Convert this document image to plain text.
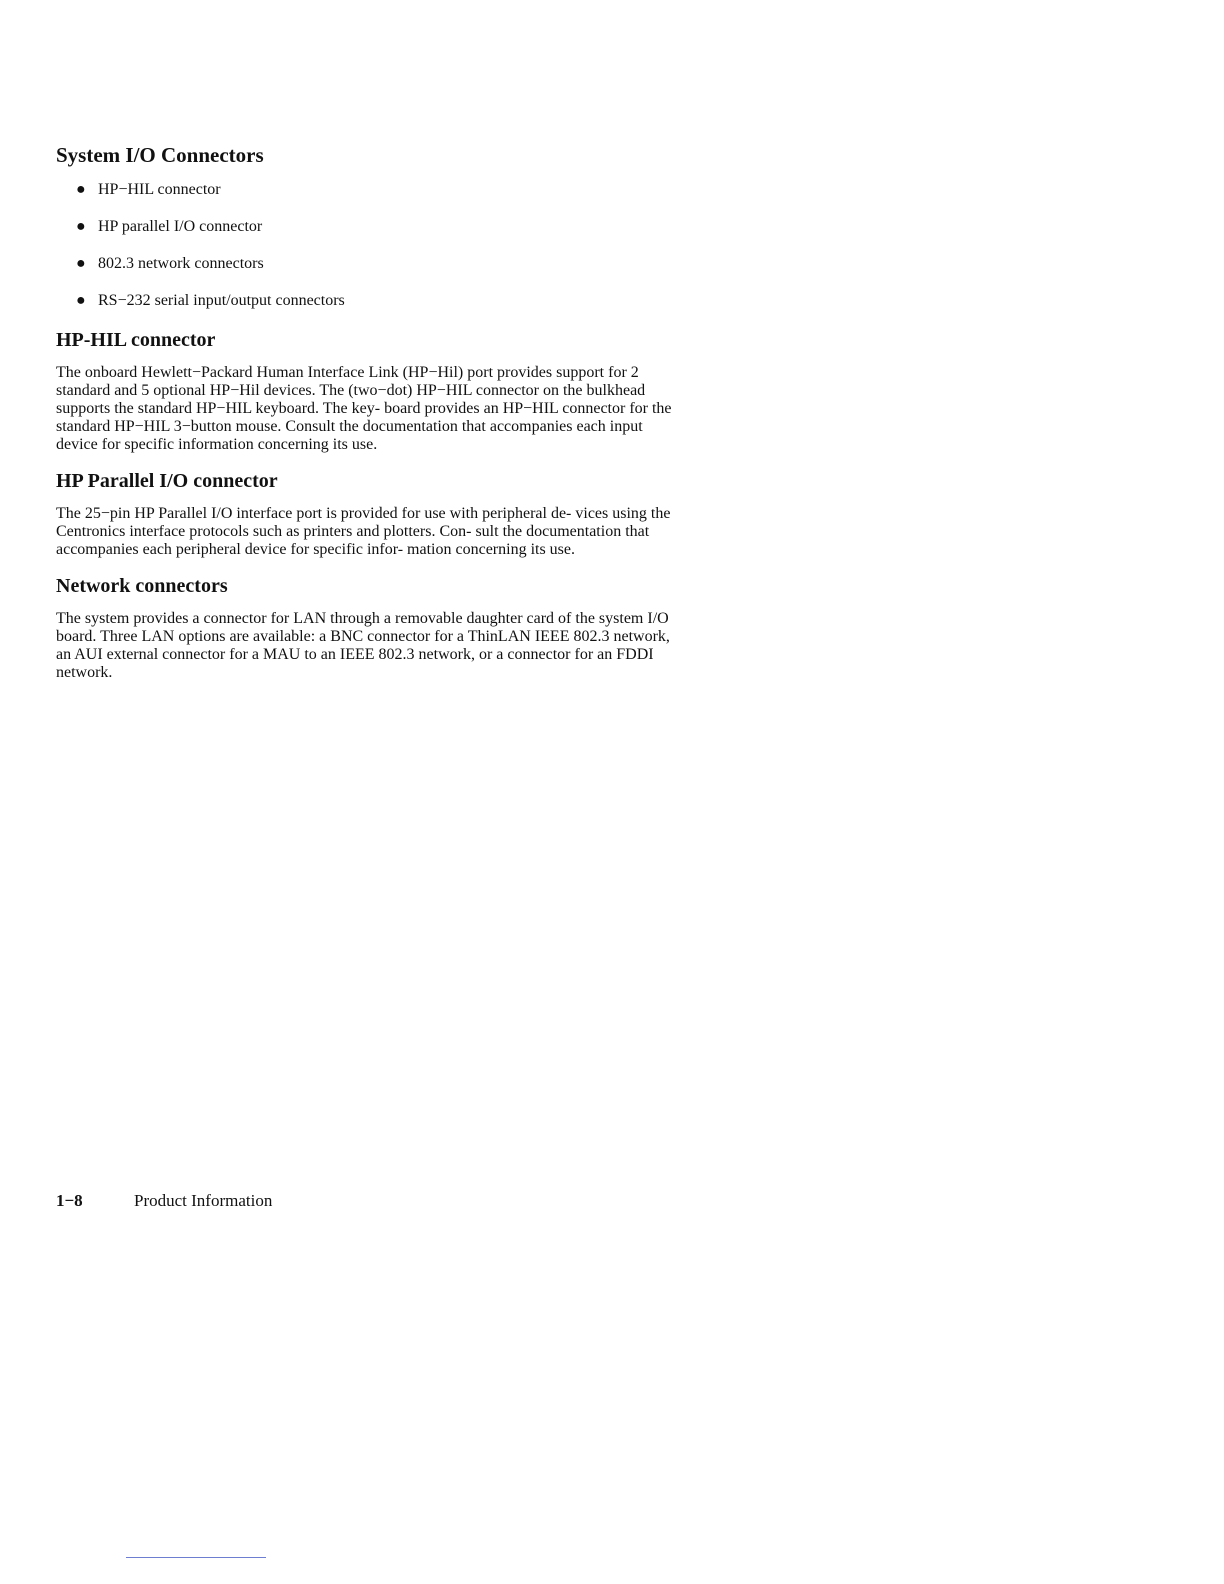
System I/O Connectors
● HP−HIL connector
● HP parallel I/O connector
● 802.3 network connectors
● RS−232 serial input/output connectors
HP-HIL connector

The onboard Hewlett−Packard Human Interface Link (HP−Hil) port provides support for 2 standard and 5 optional HP−Hil devices. The (two−dot) HP−HIL connector on the bulkhead supports the standard HP−HIL keyboard. The key- board provides an HP−HIL connector for the standard HP−HIL 3−button mouse. Consult the documentation that accompanies each input device for specific information concerning its use.

HP Parallel I/O connector

The 25−pin HP Parallel I/O interface port is provided for use with peripheral de- vices using the Centronics interface protocols such as printers and plotters. Con- sult the documentation that accompanies each peripheral device for specific infor- mation concerning its use.

Network connectors

The system provides a connector for LAN through a removable daughter card of the system I/O board. Three LAN options are available: a BNC connector for a ThinLAN IEEE 802.3 network, an AUI external connector for a MAU to an IEEE 802.3 network, or a connector for an FDDI network.

1−8	Product Information
